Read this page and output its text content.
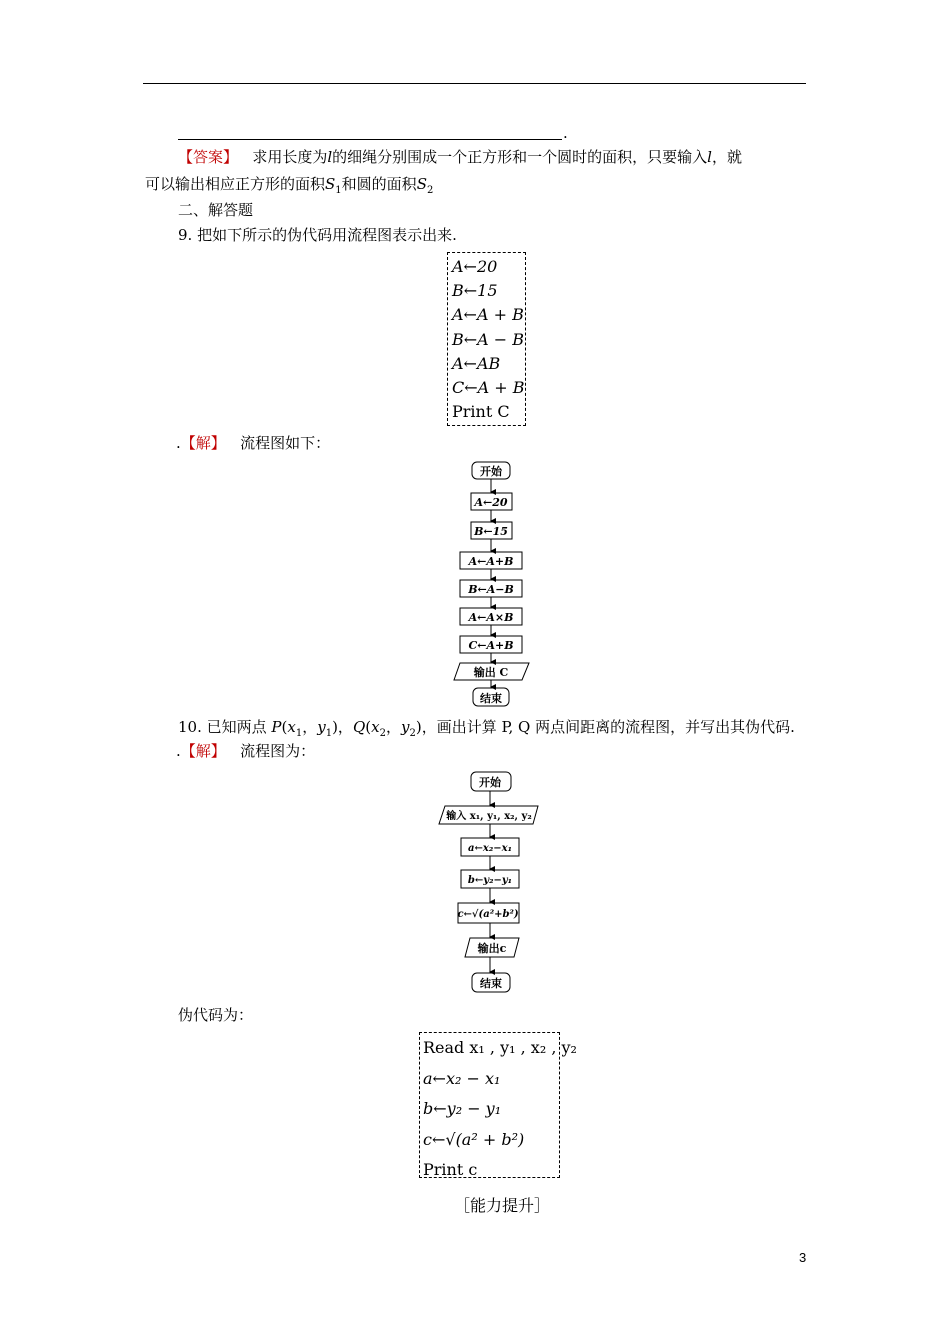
.
【答案】 求用长度为l的细绳分别围成一个正方形和一个圆时的面积，只要输入l，就
可以输出相应正方形的面积$S_1$和圆的面积$S_2$
二、解答题
9. 把如下所示的伪代码用流程图表示出来.
A←20
B←15
A←A + B
B←A − B
A←AB
C←A + B
Print C
.【解】 流程图如下：
开始
A←20
B←15
A←A+B
B←A−B
A←A×B
C←A+B
输出 C
结束
10. 已知两点 $P(x_1$，$y_1$)，$Q(x_2$，$y_2$)，画出计算 P, Q 两点间距离的流程图，并写出其伪代码.
.【解】 流程图为：
开始
输入 x₁, y₁, x₂, y₂
a←x₂−x₁
b←y₂−y₁
c←√(a²+b²)
输出c
结束
伪代码为：
Read x₁ , y₁ , x₂ , y₂
a←x₂ − x₁
b←y₂ − y₁
c←√(a² + b²)
Print c
［能力提升］
3
